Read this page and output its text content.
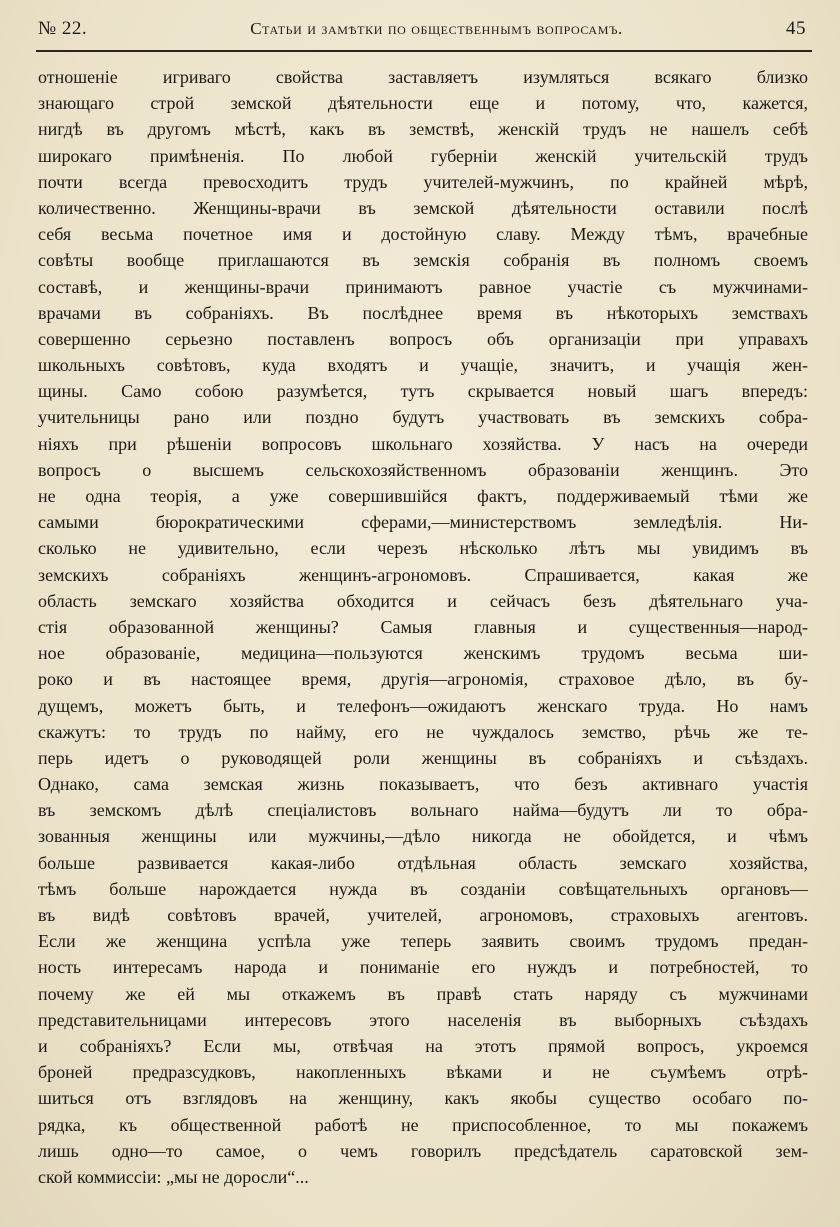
№ 22.	Статьи и замѣтки по общественнымъ вопросамъ.	45
отношеніе игриваго свойства заставляетъ изумляться всякаго близко
знающаго строй земской дѣятельности еще и потому, что, кажется,
нигдѣ въ другомъ мѣстѣ, какъ въ земствѣ, женскій трудъ не нашелъ себѣ
широкаго примѣненія. По любой губерніи женскій учительскій трудъ
почти всегда превосходитъ трудъ учителей-мужчинъ, по крайней мѣрѣ,
количественно. Женщины-врачи въ земской дѣятельности оставили послѣ
себя весьма почетное имя и достойную славу. Между тѣмъ, врачебные
совѣты вообще приглашаются въ земскія собранія въ полномъ своемъ
составѣ, и женщины-врачи принимаютъ равное участіе съ мужчинами-
врачами въ собраніяхъ. Въ послѣднее время въ нѣкоторыхъ земствахъ
совершенно серьезно поставленъ вопросъ объ организаціи при управахъ
школьныхъ совѣтовъ, куда входятъ и учащіе, значитъ, и учащія жен-
щины. Само собою разумѣется, тутъ скрывается новый шагъ впередъ:
учительницы рано или поздно будутъ участвовать въ земскихъ собра-
ніяхъ при рѣшеніи вопросовъ школьнаго хозяйства. У насъ на очереди
вопросъ о высшемъ сельскохозяйственномъ образованіи женщинъ. Это
не одна теорія, а уже совершившійся фактъ, поддерживаемый тѣми же
самыми бюрократическими сферами,—министерствомъ земледѣлія. Ни-
сколько не удивительно, если черезъ нѣсколько лѣтъ мы увидимъ въ
земскихъ собраніяхъ женщинъ-агрономовъ. Спрашивается, какая же
область земскаго хозяйства обходится и сейчасъ безъ дѣятельнаго уча-
стія образованной женщины? Самыя главныя и существенныя—народ-
ное образованіе, медицина—пользуются женскимъ трудомъ весьма ши-
роко и въ настоящее время, другія—агрономія, страховое дѣло, въ бу-
дущемъ, можетъ быть, и телефонъ—ожидаютъ женскаго труда. Но намъ
скажутъ: то трудъ по найму, его не чуждалось земство, рѣчь же те-
перь идетъ о руководящей роли женщины въ собраніяхъ и съѣздахъ.
Однако, сама земская жизнь показываетъ, что безъ активнаго участія
въ земскомъ дѣлѣ спеціалистовъ вольнаго найма—будутъ ли то обра-
зованныя женщины или мужчины,—дѣло никогда не обойдется, и чѣмъ
больше развивается какая-либо отдѣльная область земскаго хозяйства,
тѣмъ больше нарождается нужда въ созданіи совѣщательныхъ органовъ—
въ видѣ совѣтовъ врачей, учителей, агрономовъ, страховыхъ агентовъ.
Если же женщина успѣла уже теперь заявить своимъ трудомъ предан-
ность интересамъ народа и пониманіе его нуждъ и потребностей, то
почему же ей мы откажемъ въ правѣ стать наряду съ мужчинами
представительницами интересовъ этого населенія въ выборныхъ съѣздахъ
и собраніяхъ? Если мы, отвѣчая на этотъ прямой вопросъ, укроемся
броней предразсудковъ, накопленныхъ вѣками и не съумѣемъ отрѣ-
шиться отъ взглядовъ на женщину, какъ якобы существо особаго по-
рядка, къ общественной работѣ не приспособленное, то мы покажемъ
лишь одно—то самое, о чемъ говорилъ предсѣдатель саратовской зем-
ской коммиссіи: „мы не доросли“...
